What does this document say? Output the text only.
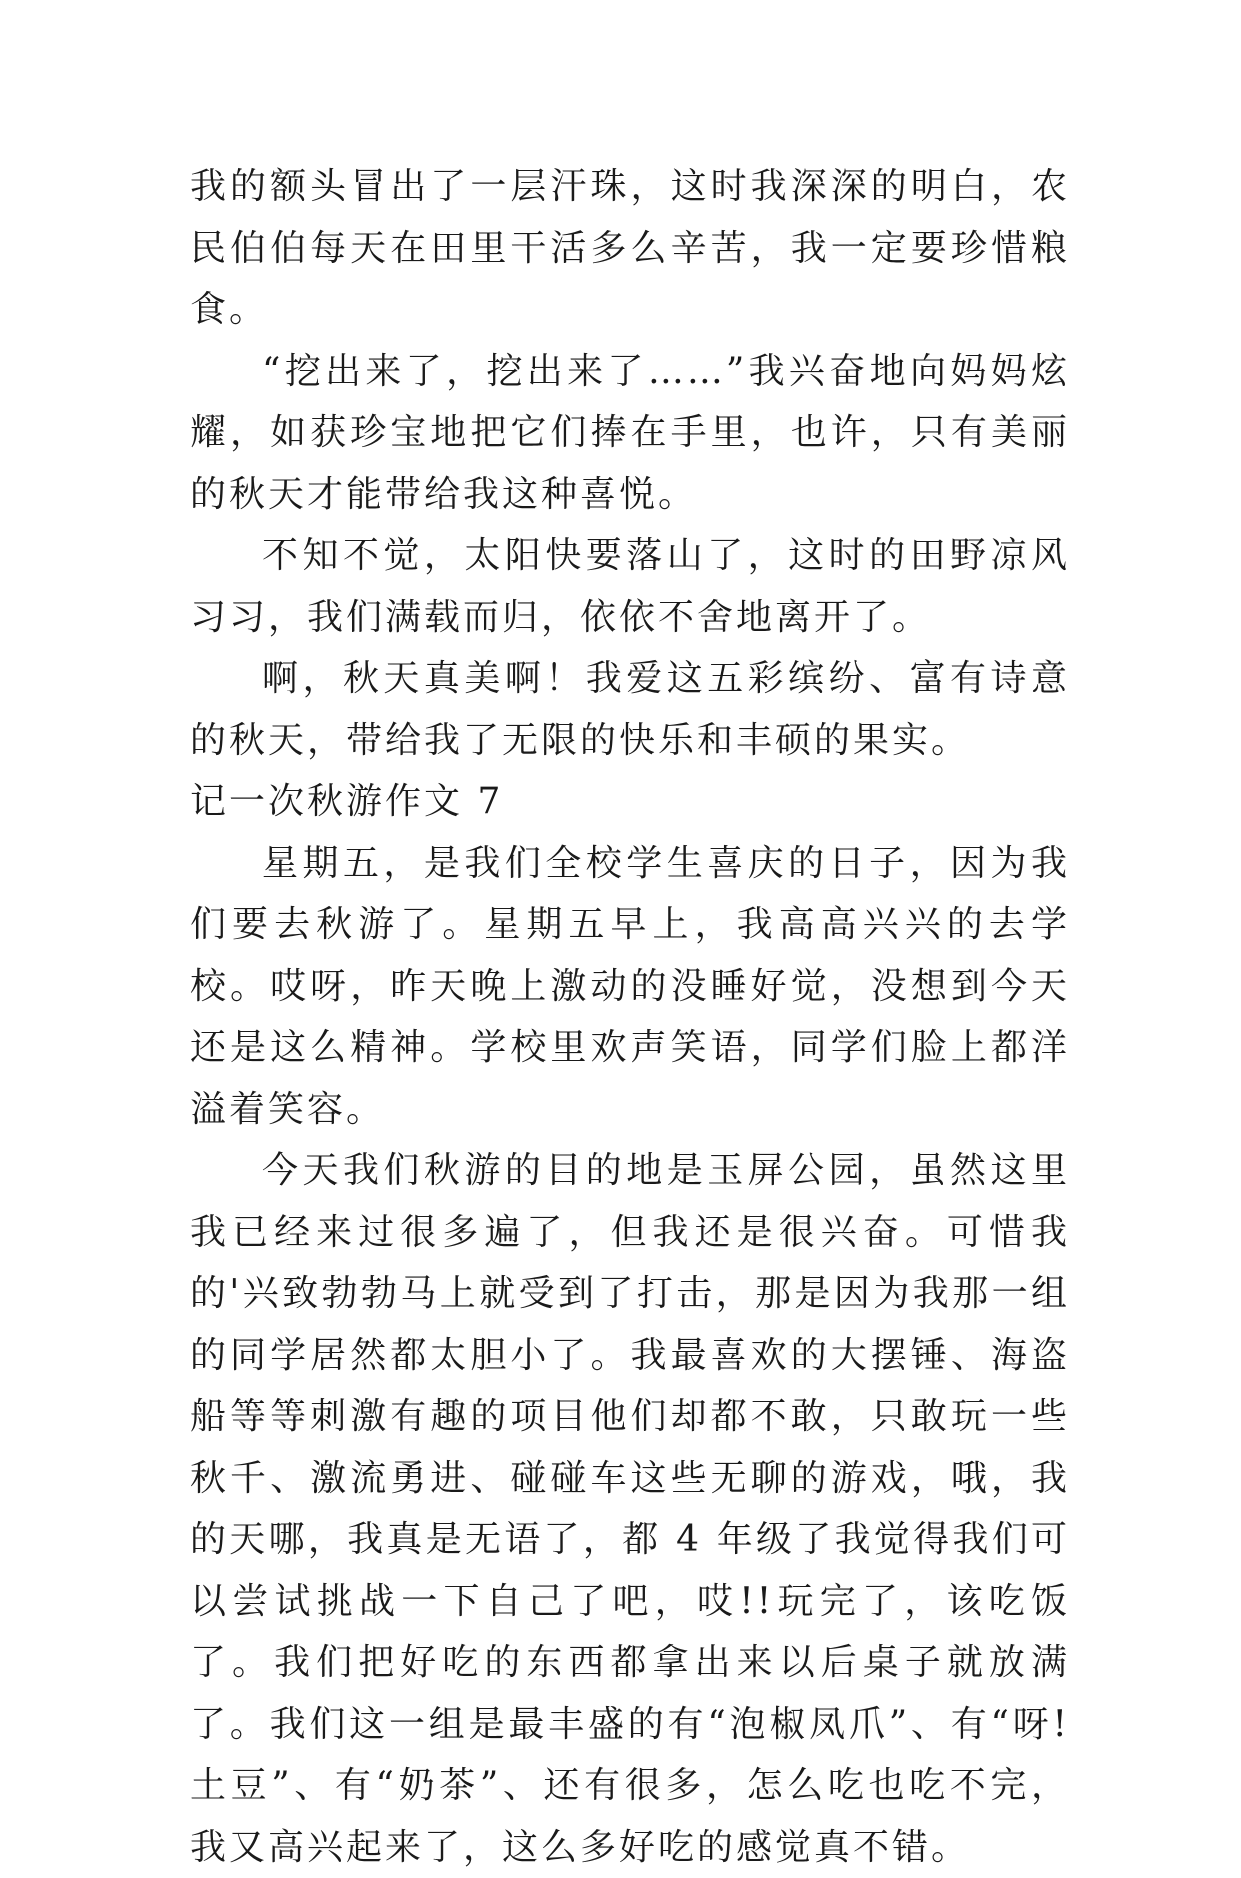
我的额头冒出了一层汗珠，这时我深深的明白，农民伯伯每天在田里干活多么辛苦，我一定要珍惜粮食。

“挖出来了，挖出来了……”我兴奋地向妈妈炫耀，如获珍宝地把它们捧在手里，也许，只有美丽的秋天才能带给我这种喜悦。

不知不觉，太阳快要落山了，这时的田野凉风习习，我们满载而归，依依不舍地离开了。

啊，秋天真美啊！我爱这五彩缤纷、富有诗意的秋天，带给我了无限的快乐和丰硕的果实。

记一次秋游作文 7

星期五，是我们全校学生喜庆的日子，因为我们要去秋游了。星期五早上，我高高兴兴的去学校。哎呀，昨天晚上激动的没睡好觉，没想到今天还是这么精神。学校里欢声笑语，同学们脸上都洋溢着笑容。

今天我们秋游的目的地是玉屏公园，虽然这里我已经来过很多遍了，但我还是很兴奋。可惜我的'兴致勃勃马上就受到了打击，那是因为我那一组的同学居然都太胆小了。我最喜欢的大摆锤、海盗船等等刺激有趣的项目他们却都不敢，只敢玩一些秋千、激流勇进、碰碰车这些无聊的游戏，哦，我的天哪，我真是无语了，都 4 年级了我觉得我们可以尝试挑战一下自己了吧，哎!!玩完了，该吃饭了。我们把好吃的东西都拿出来以后桌子就放满了。我们这一组是最丰盛的有“泡椒凤爪”、有“呀!土豆”、有“奶茶”、还有很多，怎么吃也吃不完，我又高兴起来了，这么多好吃的感觉真不错。
